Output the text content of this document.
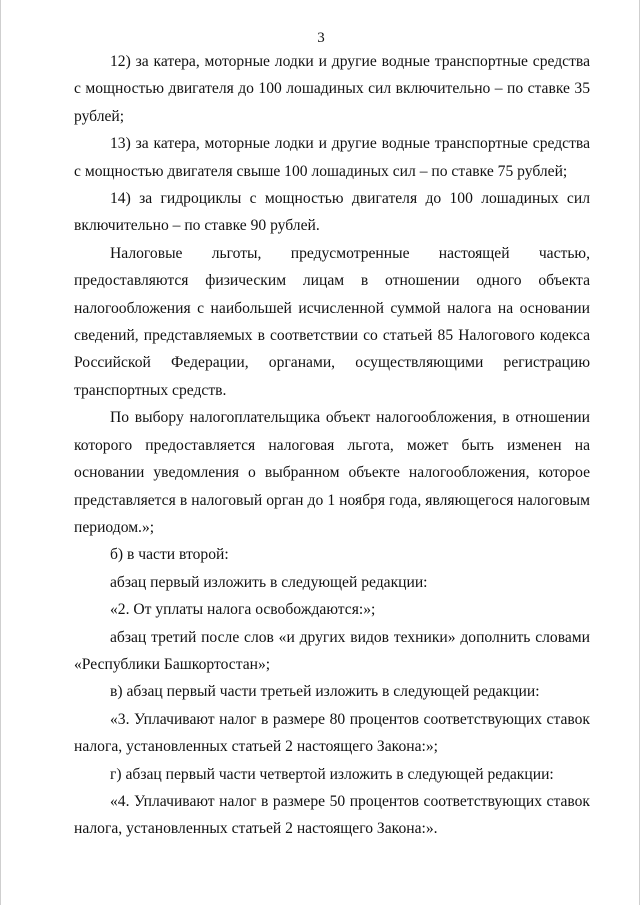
3

12) за катера, моторные лодки и другие водные транспортные средства с мощностью двигателя до 100 лошадиных сил включительно – по ставке 35 рублей;

13) за катера, моторные лодки и другие водные транспортные средства с мощностью двигателя свыше 100 лошадиных сил – по ставке 75 рублей;

14) за гидроциклы с мощностью двигателя до 100 лошадиных сил включительно – по ставке 90 рублей.

Налоговые льготы, предусмотренные настоящей частью, предоставляются физическим лицам в отношении одного объекта налогообложения с наибольшей исчисленной суммой налога на основании сведений, представляемых в соответствии со статьей 85 Налогового кодекса Российской Федерации, органами, осуществляющими регистрацию транспортных средств.

По выбору налогоплательщика объект налогообложения, в отношении которого предоставляется налоговая льгота, может быть изменен на основании уведомления о выбранном объекте налогообложения, которое представляется в налоговый орган до 1 ноября года, являющегося налоговым периодом.»;

б) в части второй:

абзац первый изложить в следующей редакции:

«2. От уплаты налога освобождаются:»;

абзац третий после слов «и других видов техники» дополнить словами «Республики Башкортостан»;

в) абзац первый части третьей изложить в следующей редакции:

«3. Уплачивают налог в размере 80 процентов соответствующих ставок налога, установленных статьей 2 настоящего Закона:»;

г) абзац первый части четвертой изложить в следующей редакции:

«4. Уплачивают налог в размере 50 процентов соответствующих ставок налога, установленных статьей 2 настоящего Закона:».
